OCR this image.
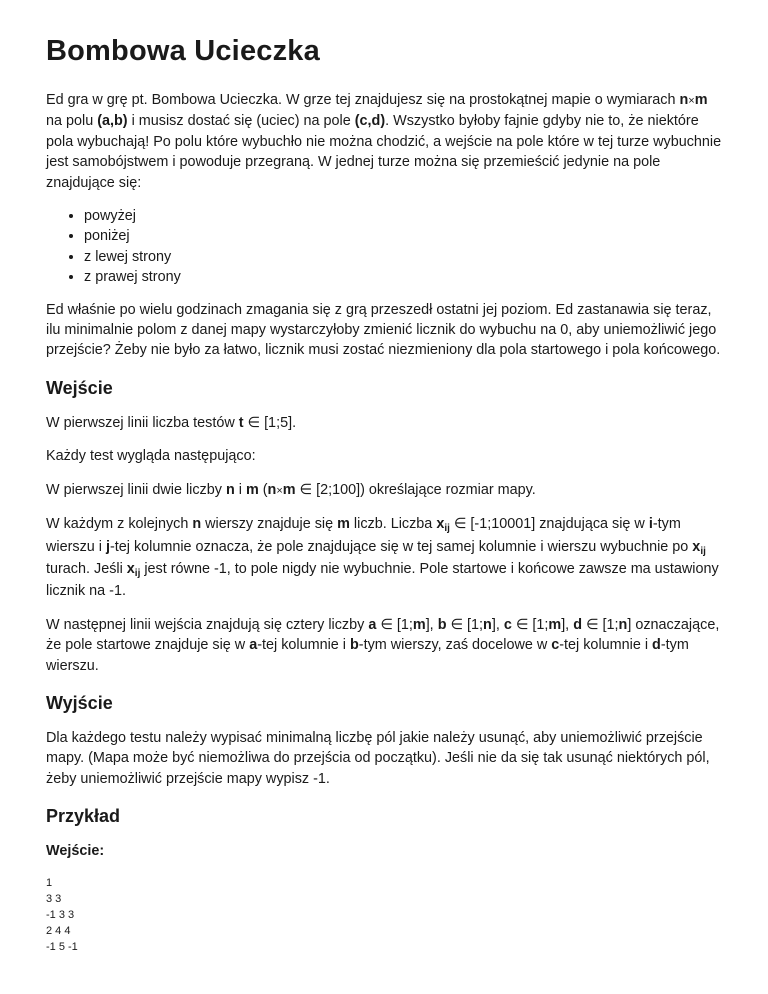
Bombowa Ucieczka

Ed gra w grę pt. Bombowa Ucieczka. W grze tej znajdujesz się na prostokątnej mapie o wymiarach n×m na polu (a,b) i musisz dostać się (uciec) na pole (c,d). Wszystko byłoby fajnie gdyby nie to, że niektóre pola wybuchają! Po polu które wybuchło nie można chodzić, a wejście na pole które w tej turze wybuchnie jest samobójstwem i powoduje przegraną. W jednej turze można się przemieścić jedynie na pole znajdujące się:

• powyżej
• poniżej
• z lewej strony
• z prawej strony

Ed właśnie po wielu godzinach zmagania się z grą przeszedł ostatni jej poziom. Ed zastanawia się teraz, ilu minimalnie polom z danej mapy wystarczyłoby zmienić licznik do wybuchu na 0, aby uniemożliwić jego przejście? Żeby nie było za łatwo, licznik musi zostać niezmieniony dla pola startowego i pola końcowego.

Wejście

W pierwszej linii liczba testów t ∈ [1;5].

Każdy test wygląda następująco:

W pierwszej linii dwie liczby n i m (n×m ∈ [2;100]) określające rozmiar mapy.

W każdym z kolejnych n wierszy znajduje się m liczb. Liczba $x_{ij}$ ∈ [-1;10001] znajdująca się w i-tym wierszu i j-tej kolumnie oznacza, że pole znajdujące się w tej samej kolumnie i wierszu wybuchnie po $x_{ij}$ turach. Jeśli $x_{ij}$ jest równe -1, to pole nigdy nie wybuchnie. Pole startowe i końcowe zawsze ma ustawiony licznik na -1.

W następnej linii wejścia znajdują się cztery liczby a ∈ [1;m], b ∈ [1;n], c ∈ [1;m], d ∈ [1;n] oznaczające, że pole startowe znajduje się w a-tej kolumnie i b-tym wierszy, zaś docelowe w c-tej kolumnie i d-tym wierszu.

Wyjście

Dla każdego testu należy wypisać minimalną liczbę pól jakie należy usunąć, aby uniemożliwić przejście mapy. (Mapa może być niemożliwa do przejścia od początku). Jeśli nie da się tak usunąć niektórych pól, żeby uniemożliwić przejście mapy wypisz -1.

Przykład
Wejście:
1
3 3
-1 3 3
2 4 4
-1 5 -1
